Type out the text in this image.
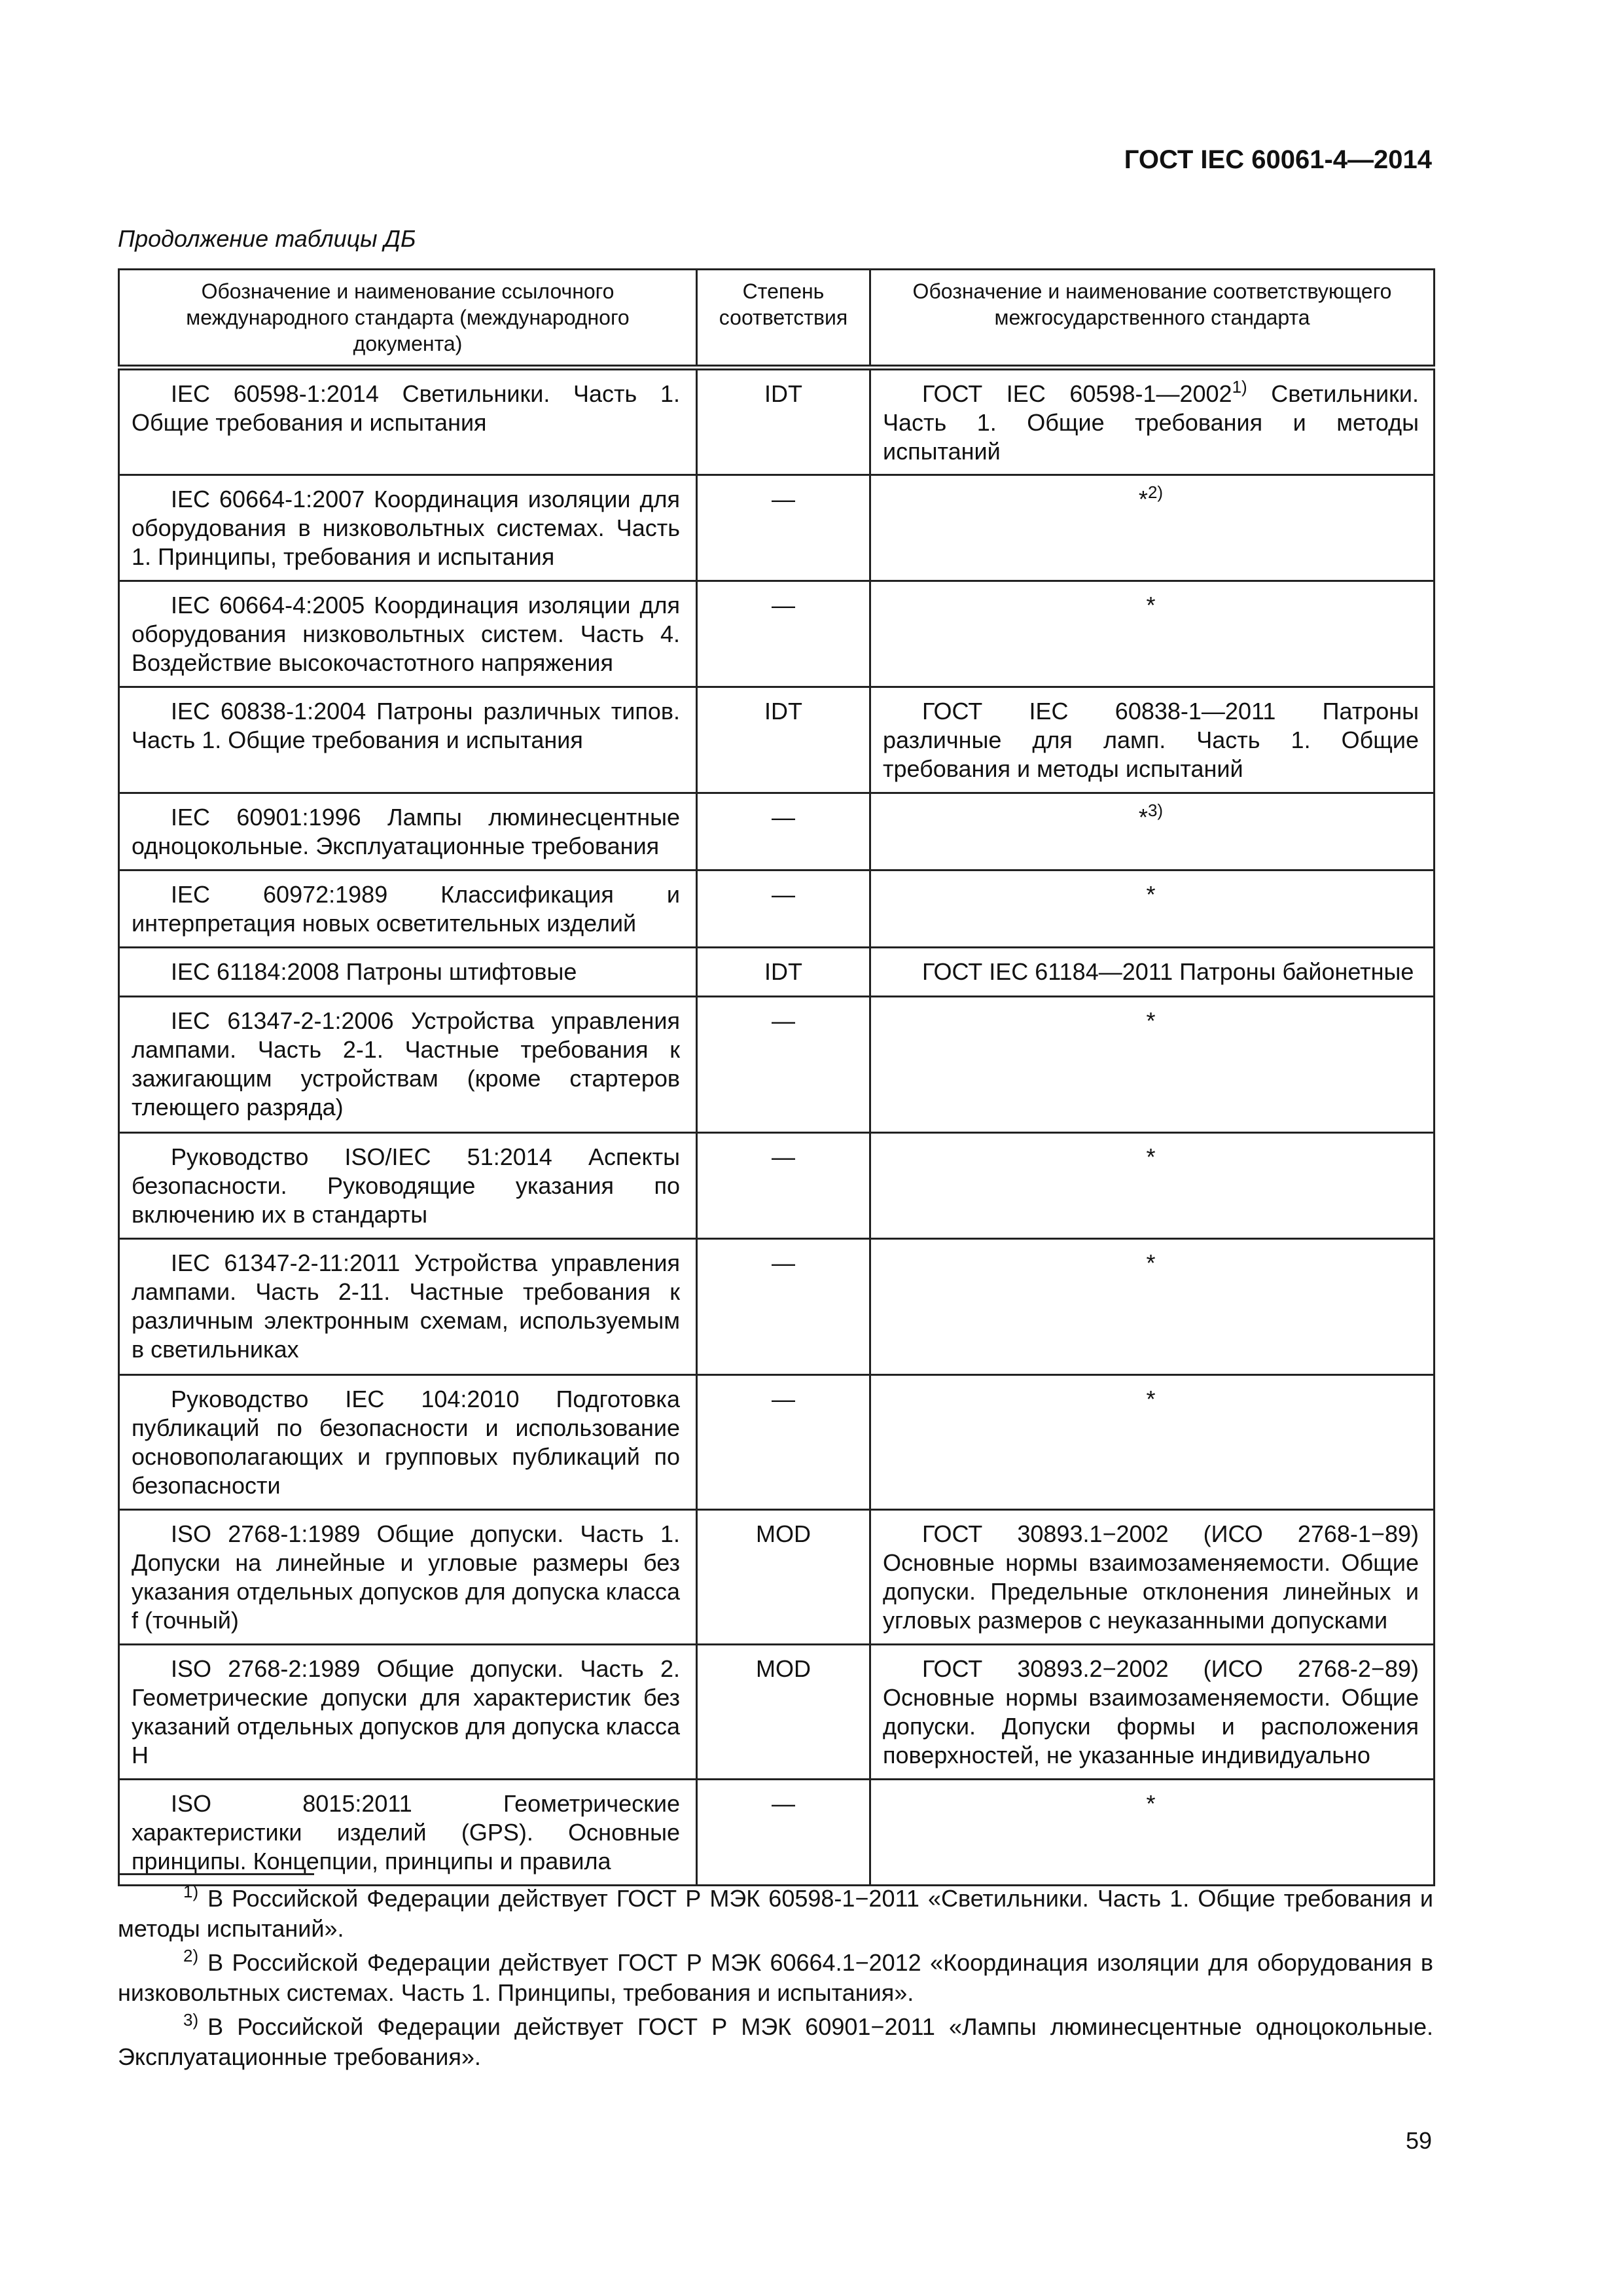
ГОСТ IEC 60061-4—2014
Продолжение таблицы ДБ
Обозначение и наименование ссылочного международного стандарта (международного документа)	Степень соответствия	Обозначение и наименование соответствующего межгосударственного стандарта
IEC 60598-1:2014 Светильники. Часть 1. Общие требования и испытания	IDT	ГОСТ IEC 60598-1—2002$^{1)}$ Светильники. Часть 1. Общие требования и методы испытаний
IEC 60664-1:2007 Координация изоляции для оборудования в низковольтных системах. Часть 1. Принципы, требования и испытания	—	*$^{2)}$
IEC 60664-4:2005 Координация изоляции для оборудования низковольтных систем. Часть 4. Воздействие высокочастотного напряжения	—	*
IEC 60838-1:2004 Патроны различных типов. Часть 1. Общие требования и испытания	IDT	ГОСТ IEC 60838-1—2011 Патроны различные для ламп. Часть 1. Общие требования и методы испытаний
IEC 60901:1996 Лампы люминесцентные одноцокольные. Эксплуатационные требования	—	*$^{3)}$
IEC 60972:1989 Классификация и интерпретация новых осветительных изделий	—	*
IEC 61184:2008 Патроны штифтовые	IDT	ГОСТ IEC 61184—2011 Патроны байонетные
IEC 61347-2-1:2006 Устройства управления лампами. Часть 2-1. Частные требования к зажигающим устройствам (кроме стартеров тлеющего разряда)	—	*
Руководство ISO/IEC 51:2014 Аспекты безопасности. Руководящие указания по включению их в стандарты	—	*
IEC 61347-2-11:2011 Устройства управления лампами. Часть 2-11. Частные требования к различным электронным схемам, используемым в светильниках	—	*
Руководство IEC 104:2010 Подготовка публикаций по безопасности и использование основополагающих и групповых публикаций по безопасности	—	*
ISO 2768-1:1989 Общие допуски. Часть 1. Допуски на линейные и угловые размеры без указания отдельных допусков для допуска класса f (точный)	MOD	ГОСТ 30893.1−2002 (ИСО 2768-1−89) Основные нормы взаимозаменяемости. Общие допуски. Предельные отклонения линейных и угловых размеров с неуказанными допусками
ISO 2768-2:1989 Общие допуски. Часть 2. Геометрические допуски для характеристик без указаний отдельных допусков для допуска класса H	MOD	ГОСТ 30893.2−2002 (ИСО 2768-2−89) Основные нормы взаимозаменяемости. Общие допуски. Допуски формы и расположения поверхностей, не указанные индивидуально
ISO 8015:2011 Геометрические характеристики изделий (GPS). Основные принципы. Концепции, принципы и правила	—	*

$^{1)}$ В Российской Федерации действует ГОСТ Р МЭК 60598-1−2011 «Светильники. Часть 1. Общие требования и методы испытаний».

$^{2)}$ В Российской Федерации действует ГОСТ Р МЭК 60664.1−2012 «Координация изоляции для оборудования в низковольтных системах. Часть 1. Принципы, требования и испытания».

$^{3)}$ В Российской Федерации действует ГОСТ Р МЭК 60901−2011 «Лампы люминесцентные одноцокольные. Эксплуатационные требования».

59
